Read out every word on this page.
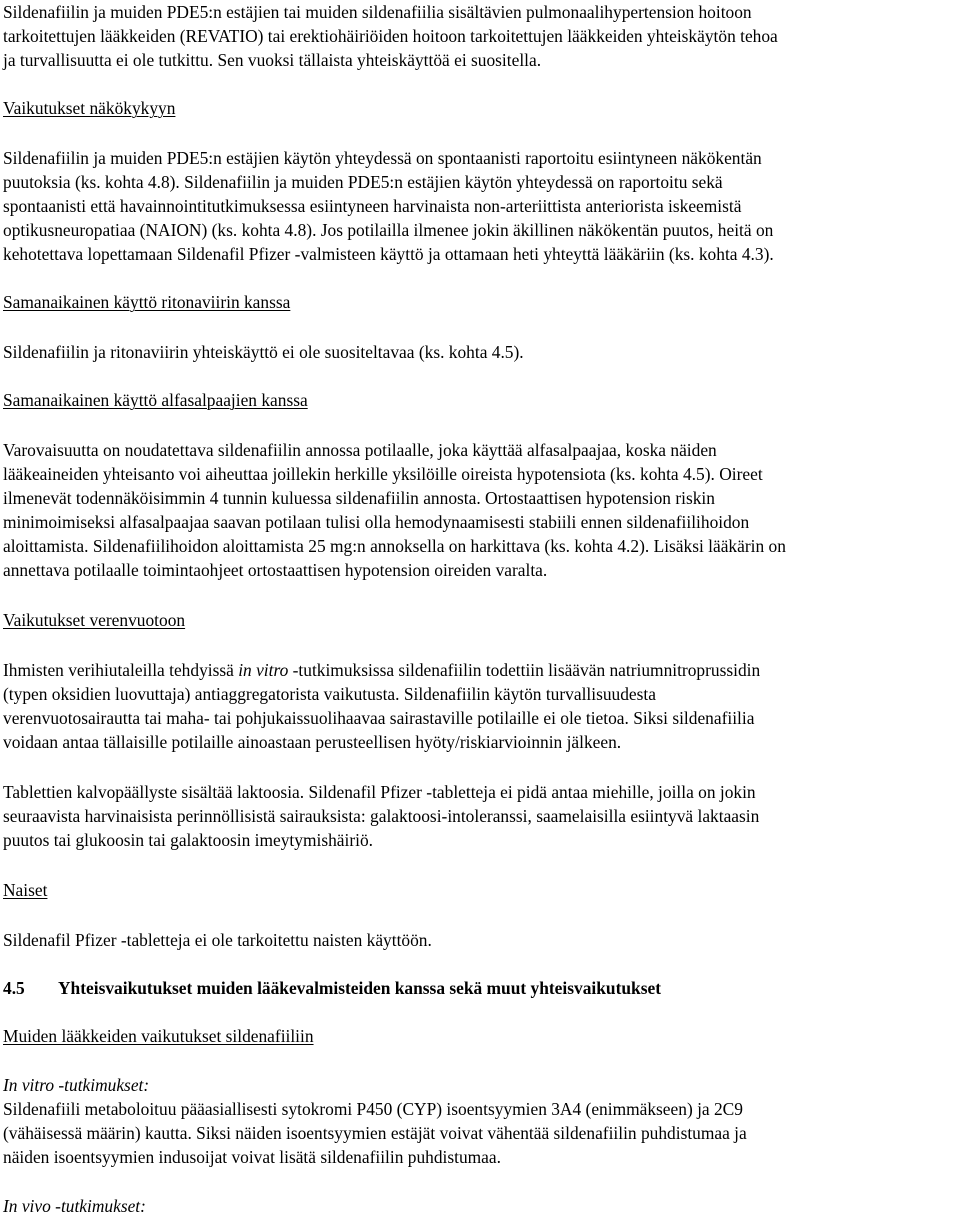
Sildenafiilin ja muiden PDE5:n estäjien tai muiden sildenafiilia sisältävien pulmonaalihypertension hoitoon
tarkoitettujen lääkkeiden (REVATIO) tai erektiohäiriöiden hoitoon tarkoitettujen lääkkeiden yhteiskäytön tehoa
ja turvallisuutta ei ole tutkittu. Sen vuoksi tällaista yhteiskäyttöä ei suositella.
Vaikutukset näkökykyyn
Sildenafiilin ja muiden PDE5:n estäjien käytön yhteydessä on spontaanisti raportoitu esiintyneen näkökentän
puutoksia (ks. kohta 4.8). Sildenafiilin ja muiden PDE5:n estäjien käytön yhteydessä on raportoitu sekä
spontaanisti että havainnointitutkimuksessa esiintyneen harvinaista non-arteriittista anteriorista iskeemistä
optikusneuropatiaa (NAION) (ks. kohta 4.8). Jos potilailla ilmenee jokin äkillinen näkökentän puutos, heitä on
kehotettava lopettamaan Sildenafil Pfizer -valmisteen käyttö ja ottamaan heti yhteyttä lääkäriin (ks. kohta 4.3).
Samanaikainen käyttö ritonaviirin kanssa
Sildenafiilin ja ritonaviirin yhteiskäyttö ei ole suositeltavaa (ks. kohta 4.5).
Samanaikainen käyttö alfasalpaajien kanssa
Varovaisuutta on noudatettava sildenafiilin annossa potilaalle, joka käyttää alfasalpaajaa, koska näiden
lääkeaineiden yhteisanto voi aiheuttaa joillekin herkille yksilöille oireista hypotensiota (ks. kohta 4.5). Oireet
ilmenevät todennäköisimmin 4 tunnin kuluessa sildenafiilin annosta. Ortostaattisen hypotension riskin
minimoimiseksi alfasalpaajaa saavan potilaan tulisi olla hemodynaamisesti stabiili ennen sildenafiilihoidon
aloittamista. Sildenafiilihoidon aloittamista 25 mg:n annoksella on harkittava (ks. kohta 4.2). Lisäksi lääkärin on
annettava potilaalle toimintaohjeet ortostaattisen hypotension oireiden varalta.
Vaikutukset verenvuotoon
Ihmisten verihiutaleilla tehdyissä in vitro -tutkimuksissa sildenafiilin todettiin lisäävän natriumnitroprussidin
(typen oksidien luovuttaja) antiaggregatorista vaikutusta. Sildenafiilin käytön turvallisuudesta
verenvuotosairautta tai maha- tai pohjukaissuolihaavaa sairastaville potilaille ei ole tietoa. Siksi sildenafiilia
voidaan antaa tällaisille potilaille ainoastaan perusteellisen hyöty/riskiarvioinnin jälkeen.
Tablettien kalvopäällyste sisältää laktoosia. Sildenafil Pfizer -tabletteja ei pidä antaa miehille, joilla on jokin
seuraavista harvinaisista perinnöllisistä sairauksista: galaktoosi-intoleranssi, saamelaisilla esiintyvä laktaasin
puutos tai glukoosin tai galaktoosin imeytymishäiriö.
Naiset
Sildenafil Pfizer -tabletteja ei ole tarkoitettu naisten käyttöön.
4.5 Yhteisvaikutukset muiden lääkevalmisteiden kanssa sekä muut yhteisvaikutukset
Muiden lääkkeiden vaikutukset sildenafiiliin
In vitro -tutkimukset:
Sildenafiili metaboloituu pääasiallisesti sytokromi P450 (CYP) isoentsyymien 3A4 (enimmäkseen) ja 2C9
(vähäisessä määrin) kautta. Siksi näiden isoentsyymien estäjät voivat vähentää sildenafiilin puhdistumaa ja
näiden isoentsyymien indusoijat voivat lisätä sildenafiilin puhdistumaa.
In vivo -tutkimukset:
